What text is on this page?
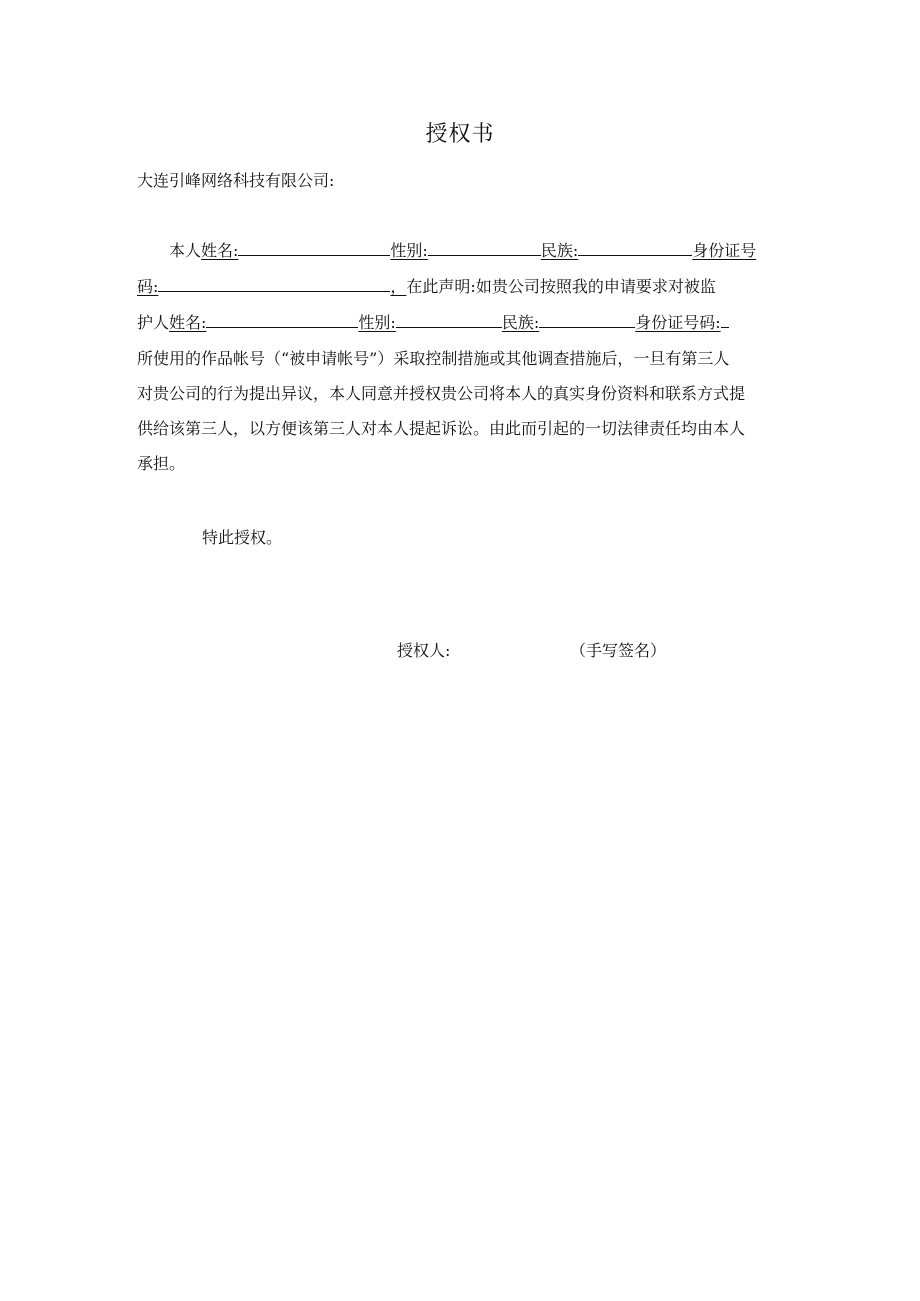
授权书
大连引峰网络科技有限公司:
本人姓名:	性别:	民族:	身份证号
码:	，在此声明:如贵公司按照我的申请要求对被监
护人姓名:	性别:	民族:	身份证号码:
所使用的作品帐号（“被申请帐号”）采取控制措施或其他调查措施后，一旦有第三人
对贵公司的行为提出异议，本人同意并授权贵公司将本人的真实身份资料和联系方式提
供给该第三人，以方便该第三人对本人提起诉讼。由此而引起的一切法律责任均由本人
承担。
特此授权。
授权人:	（手写签名）
